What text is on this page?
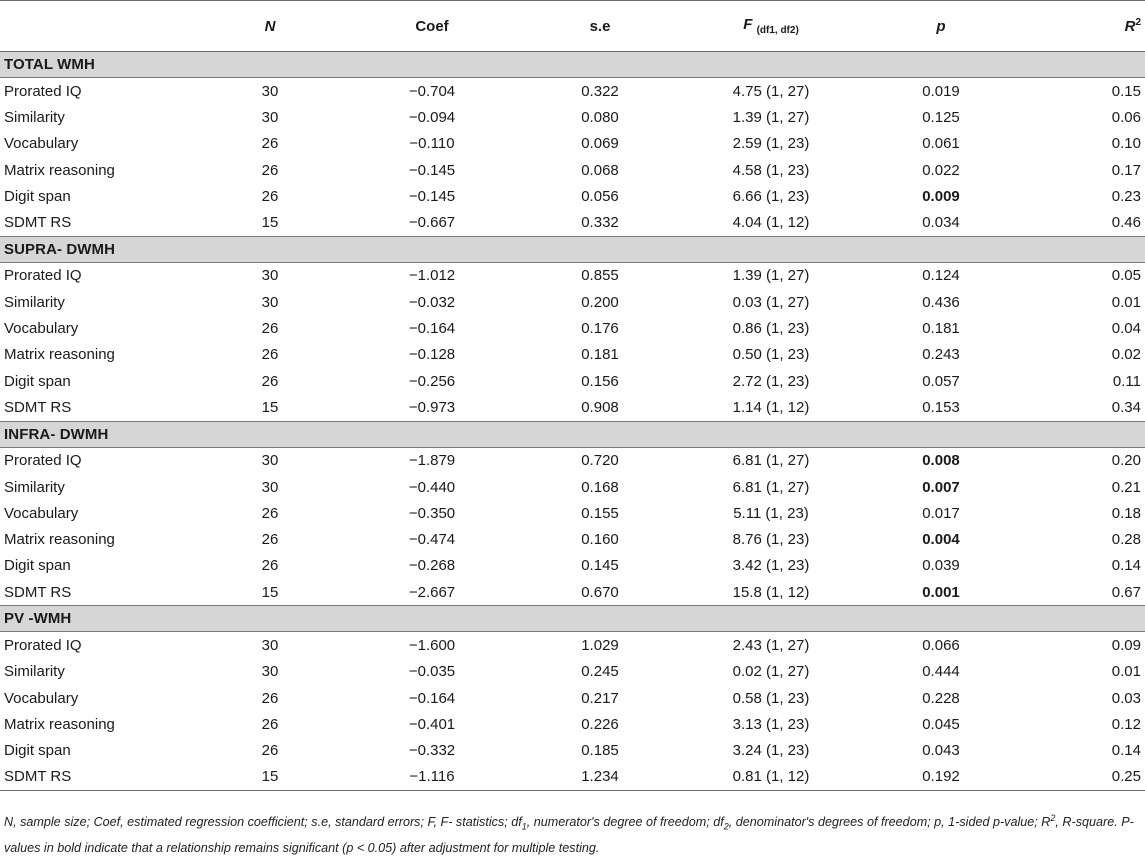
	N	Coef	s.e	F $_{(df1, df2)}$	p	$R^2$
TOTAL WMH						
Prorated IQ	30	−0.704	0.322	4.75 (1, 27)	0.019	0.15
Similarity	30	−0.094	0.080	1.39 (1, 27)	0.125	0.06
Vocabulary	26	−0.110	0.069	2.59 (1, 23)	0.061	0.10
Matrix reasoning	26	−0.145	0.068	4.58 (1, 23)	0.022	0.17
Digit span	26	−0.145	0.056	6.66 (1, 23)	0.009	0.23
SDMT RS	15	−0.667	0.332	4.04 (1, 12)	0.034	0.46
SUPRA- DWMH						
Prorated IQ	30	−1.012	0.855	1.39 (1, 27)	0.124	0.05
Similarity	30	−0.032	0.200	0.03 (1, 27)	0.436	0.01
Vocabulary	26	−0.164	0.176	0.86 (1, 23)	0.181	0.04
Matrix reasoning	26	−0.128	0.181	0.50 (1, 23)	0.243	0.02
Digit span	26	−0.256	0.156	2.72 (1, 23)	0.057	0.11
SDMT RS	15	−0.973	0.908	1.14 (1, 12)	0.153	0.34
INFRA- DWMH						
Prorated IQ	30	−1.879	0.720	6.81 (1, 27)	0.008	0.20
Similarity	30	−0.440	0.168	6.81 (1, 27)	0.007	0.21
Vocabulary	26	−0.350	0.155	5.11 (1, 23)	0.017	0.18
Matrix reasoning	26	−0.474	0.160	8.76 (1, 23)	0.004	0.28
Digit span	26	−0.268	0.145	3.42 (1, 23)	0.039	0.14
SDMT RS	15	−2.667	0.670	15.8 (1, 12)	0.001	0.67
PV -WMH						
Prorated IQ	30	−1.600	1.029	2.43 (1, 27)	0.066	0.09
Similarity	30	−0.035	0.245	0.02 (1, 27)	0.444	0.01
Vocabulary	26	−0.164	0.217	0.58 (1, 23)	0.228	0.03
Matrix reasoning	26	−0.401	0.226	3.13 (1, 23)	0.045	0.12
Digit span	26	−0.332	0.185	3.24 (1, 23)	0.043	0.14
SDMT RS	15	−1.116	1.234	0.81 (1, 12)	0.192	0.25
N, sample size; Coef, estimated regression coefficient; s.e, standard errors; F, F- statistics; $df_1$, numerator's degree of freedom; $df_2$, denominator's degrees of freedom; p, 1-sided p-value; $R^2$, R-square. P-values in bold indicate that a relationship remains significant (p < 0.05) after adjustment for multiple testing.
